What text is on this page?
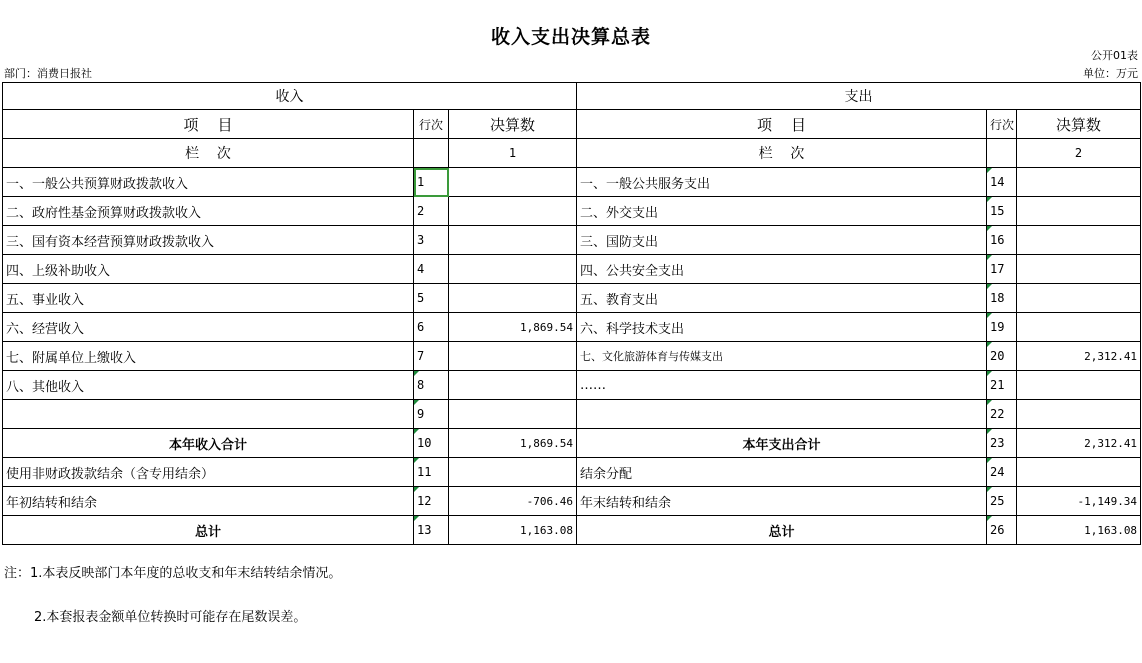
收入支出决算总表
公开01表
部门：消费日报社	单位：万元
收入			支出		
项    目	行次	决算数	项    目	行次	决算数
栏    次		1	栏    次		2
一、一般公共预算财政拨款收入	1		一、一般公共服务支出	14	
二、政府性基金预算财政拨款收入	2		二、外交支出	15	
三、国有资本经营预算财政拨款收入	3		三、国防支出	16	
四、上级补助收入	4		四、公共安全支出	17	
五、事业收入	5		五、教育支出	18	
六、经营收入	6	1,869.54	六、科学技术支出	19	
七、附属单位上缴收入	7		七、文化旅游体育与传媒支出	20	2,312.41
八、其他收入	8		……	21	
	9			22	
本年收入合计	10	1,869.54	本年支出合计	23	2,312.41
使用非财政拨款结余（含专用结余）	11		结余分配	24	
年初结转和结余	12	-706.46	年末结转和结余	25	-1,149.34
总计	13	1,163.08	总计	26	1,163.08
注：1.本表反映部门本年度的总收支和年末结转结余情况。
2.本套报表金额单位转换时可能存在尾数误差。
